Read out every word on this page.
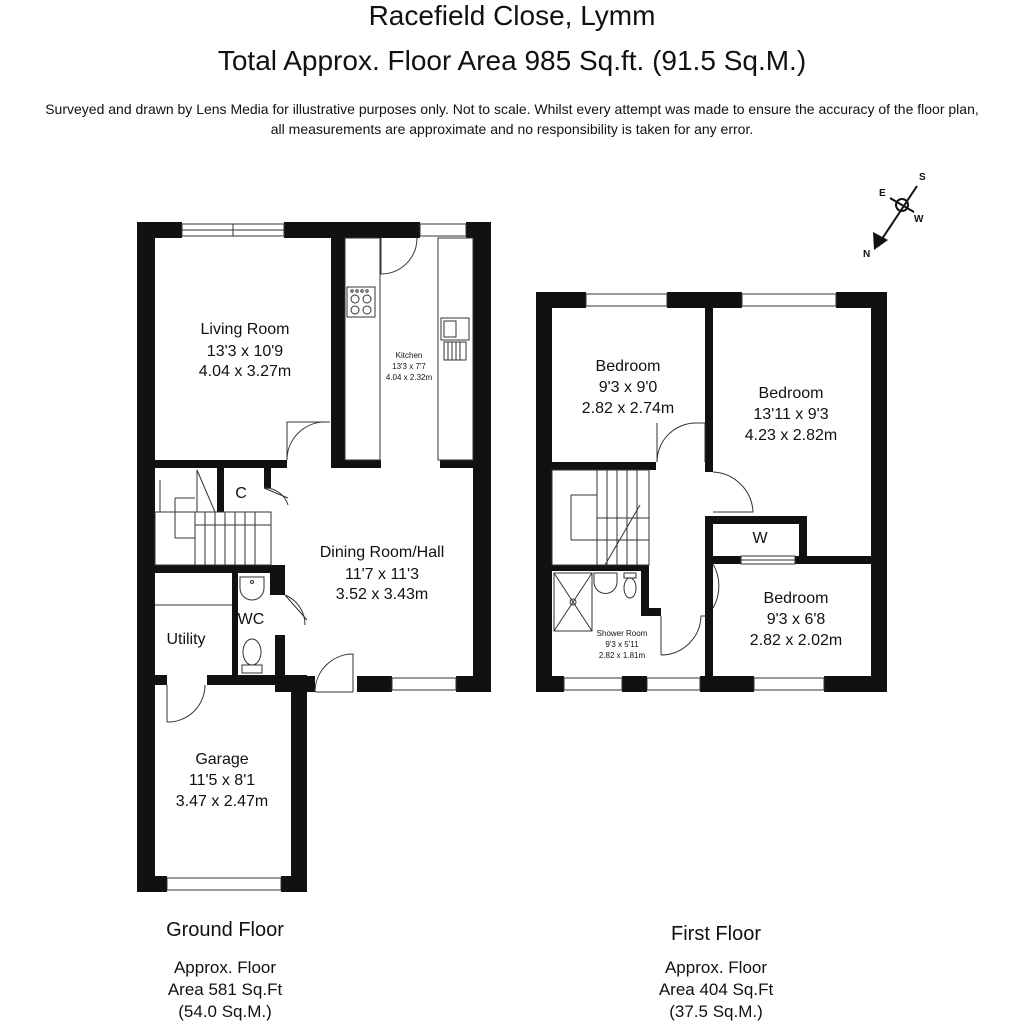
Racefield Close, Lymm
Total Approx. Floor Area 985 Sq.ft. (91.5 Sq.M.)
Surveyed and drawn by Lens Media for illustrative purposes only. Not to scale. Whilst every attempt was made to ensure the accuracy of the floor plan,
all measurements are approximate and no responsibility is taken for any error.
S
E
W
N
Living Room
13'3 x 10'9
4.04 x 3.27m
Kitchen
13'3 x 7'7
4.04 x 2.32m
C
Dining Room/Hall
11'7 x 11'3
3.52 x 3.43m
WC
Utility
Garage
11'5 x 8'1
3.47 x 2.47m
Bedroom
9'3 x 9'0
2.82 x 2.74m
Bedroom
13'11 x 9'3
4.23 x 2.82m
W
Bedroom
9'3 x 6'8
2.82 x 2.02m
Shower Room
9'3 x 5'11
2.82 x 1.81m
Ground Floor
Approx. Floor
Area 581 Sq.Ft
(54.0 Sq.M.)
First Floor
Approx. Floor
Area 404 Sq.Ft
(37.5 Sq.M.)
